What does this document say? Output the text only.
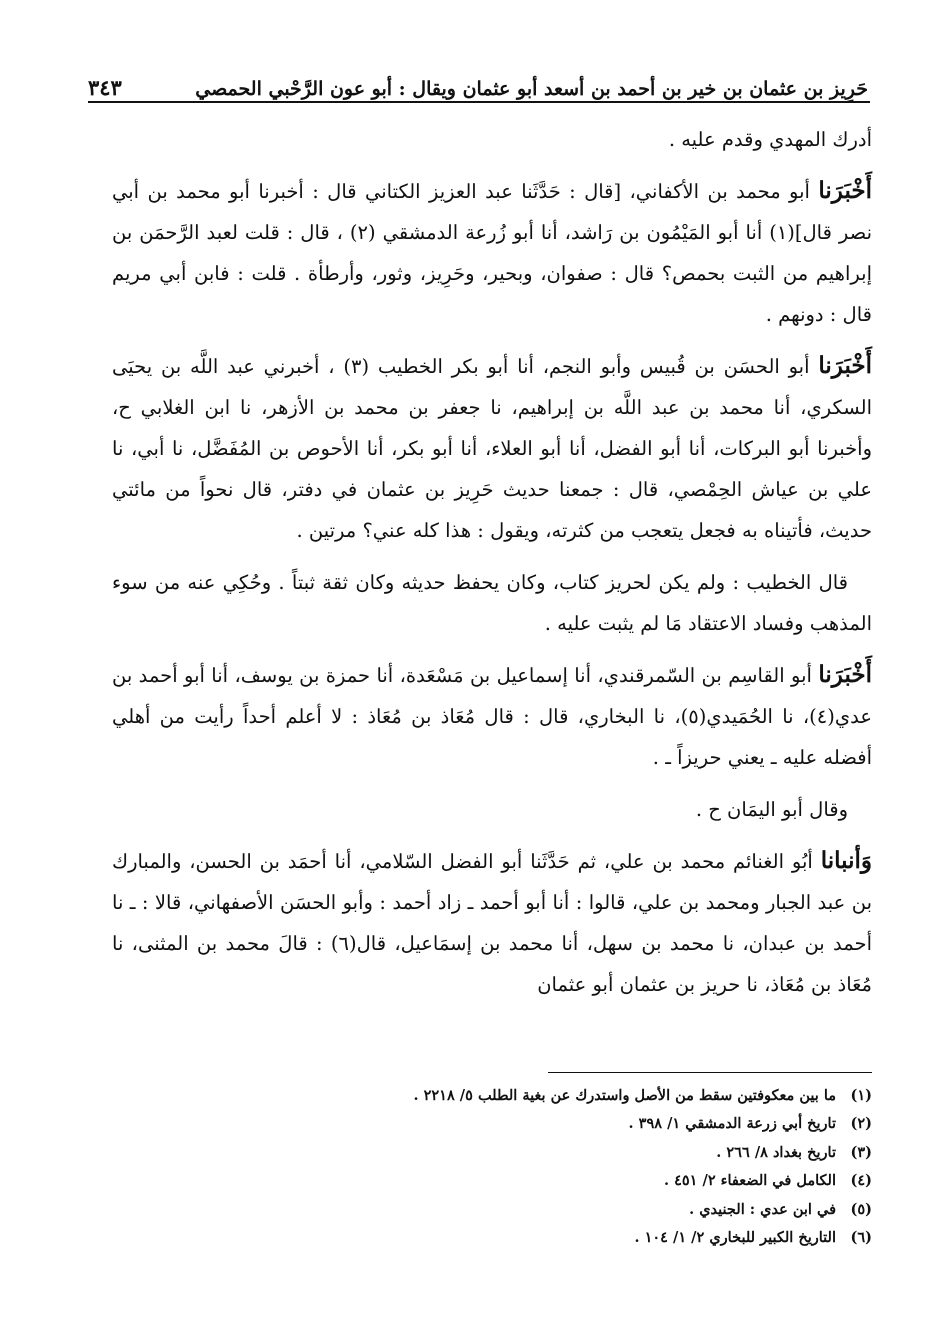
حَرِيز بن عثمان بن خير بن أحمد بن أسعد أبو عثمان ويقال : أبو عون الرَّحْبي الحمصي
٣٤٣

أدرك المهدي وقدم عليه .

أَخْبَرَنا أبو محمد بن الأكفاني، [قال : حَدَّثَنا عبد العزيز الكتاني قال : أخبرنا أبو محمد بن أبي نصر قال](١) أنا أبو المَيْمُون بن رَاشد، أنا أبو زُرعة الدمشقي (٢) ، قال : قلت لعبد الرَّحمَن بن إبراهيم من الثبت بحمص؟ قال : صفوان، وبحير، وحَرِيز، وثور، وأرطأة . قلت : فابن أبي مريم قال : دونهم .

أَخْبَرَنا أبو الحسَن بن قُبيس وأبو النجم، أنا أبو بكر الخطيب (٣) ، أخبرني عبد اللَّه بن يحيَى السكري، أنا محمد بن عبد اللَّه بن إبراهيم، نا جعفر بن محمد بن الأزهر، نا ابن الغلابي ح، وأخبرنا أبو البركات، أنا أبو الفضل، أنا أبو العلاء، أنا أبو بكر، أنا الأحوص بن المُفَضَّل، نا أبي، نا علي بن عياش الحِمْصي، قال : جمعنا حديث حَرِيز بن عثمان في دفتر، قال نحواً من مائتي حديث، فأتيناه به فجعل يتعجب من كثرته، ويقول : هذا كله عني؟ مرتين .

قال الخطيب : ولم يكن لحريز كتاب، وكان يحفظ حديثه وكان ثقة ثبتاً . وحُكِي عنه من سوء المذهب وفساد الاعتقاد مَا لم يثبت عليه .

أَخْبَرَنا أبو القاسِم بن السّمرقندي، أنا إسماعيل بن مَسْعَدة، أنا حمزة بن يوسف، أنا أبو أحمد بن عدي(٤)، نا الحُمَيدي(٥)، نا البخاري، قال : قال مُعَاذ بن مُعَاذ : لا أعلم أحداً رأيت من أهلي أفضله عليه ـ يعني حريزاً ـ .

وقال أبو اليمَان ح .

وَأنبانا أبُو الغنائم محمد بن علي، ثم حَدَّثَنا أبو الفضل السّلامي، أنا أحمَد بن الحسن، والمبارك بن عبد الجبار ومحمد بن علي، قالوا : أنا أبو أحمد ـ زاد أحمد : وأبو الحسَن الأصفهاني، قالا : ـ نا أحمد بن عبدان، نا محمد بن سهل، أنا محمد بن إسمَاعيل، قال(٦) : قالَ محمد بن المثنى، نا مُعَاذ بن مُعَاذ، نا حريز بن عثمان أبو عثمان

(١)
ما بين معكوفتين سقط من الأصل واستدرك عن بغية الطلب ٥/ ٢٢١٨ .
(٢)
تاريخ أبي زرعة الدمشقي ١/ ٣٩٨ .
(٣)
تاريخ بغداد ٨/ ٢٦٦ .
(٤)
الكامل في الضعفاء ٢/ ٤٥١ .
(٥)
في ابن عدي : الجنيدي .
(٦)
التاريخ الكبير للبخاري ٢/ ١/ ١٠٤ .
